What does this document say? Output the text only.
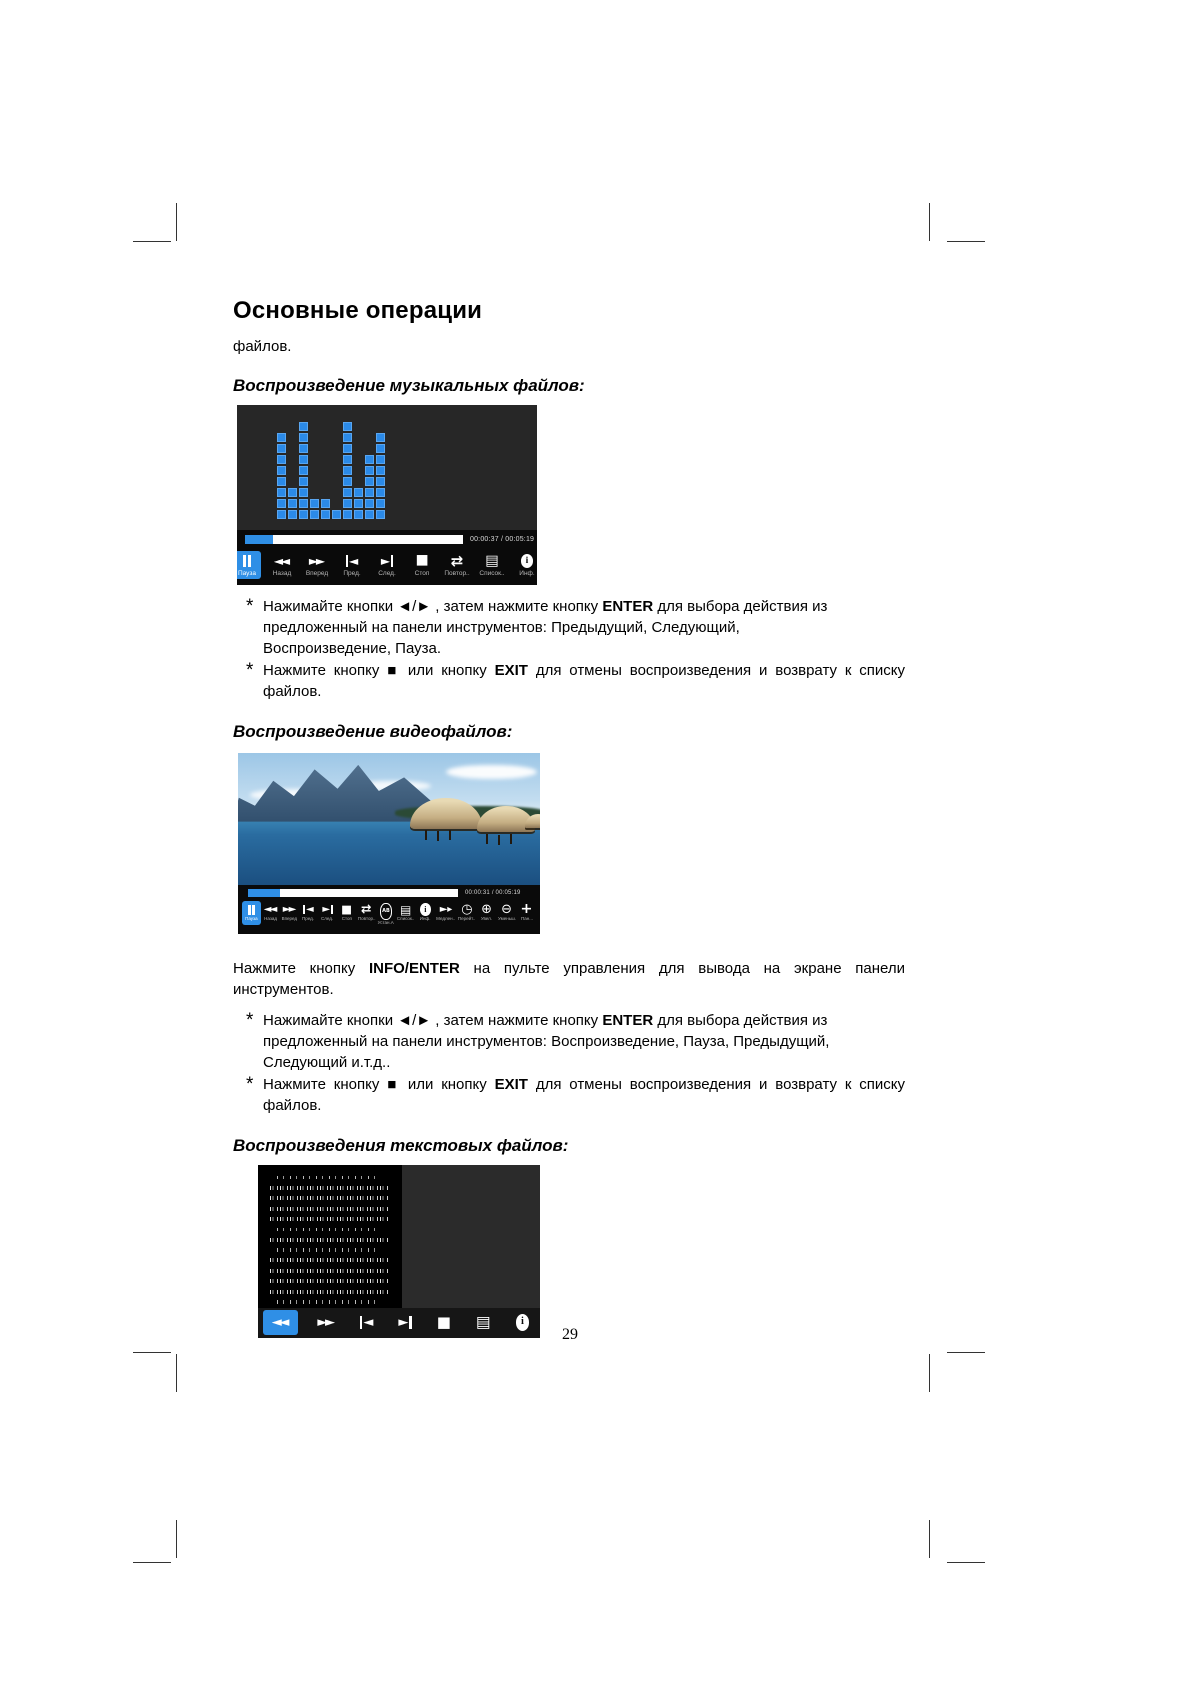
Основные операции
файлов.
Воспроизведение музыкальных файлов:
00:00:37 / 00:05:19
Пауза
◄◄	Назад
►► Вперед
◄ Пред.
►	След.
■	Стоп
⇄ Повтор..
▤ Список..
i Инф.
* Нажимайте кнопки ◄/► , затем нажмите кнопку ENTER для выбора действия из предложенный на панели инструментов: Предыдущий, Следующий, Воспроизведение, Пауза.
* Нажмите кнопку ■ или кнопку EXIT для отмены воспроизведения и возврату к списку файлов.
Воспроизведение видеофайлов:
00:00:31 / 00:05:19
Пауза
◄◄ Назад
►► Вперед
◄ Пред.
► След.
■ Стоп
⇄ Повтор..
AB
Устан.А
▤
Список..
i Инф.
►▸ Медлен..
◷ Перейт..
⊕ Увел.
⊖ Уменьш.
+ Пан...
Нажмите кнопку INFO/ENTER на пульте управления для вывода на экране панели инструментов.
* Нажимайте кнопки ◄/► , затем нажмите кнопку ENTER для выбора действия из предложенный на панели инструментов: Воспроизведение, Пауза, Предыдущий, Следующий и.т.д..
* Нажмите кнопку ■ или кнопку EXIT для отмены воспроизведения и возврату к списку файлов.
Воспроизведения текстовых файлов:
◄◄
►►
◄
►
■
▤
i
29
